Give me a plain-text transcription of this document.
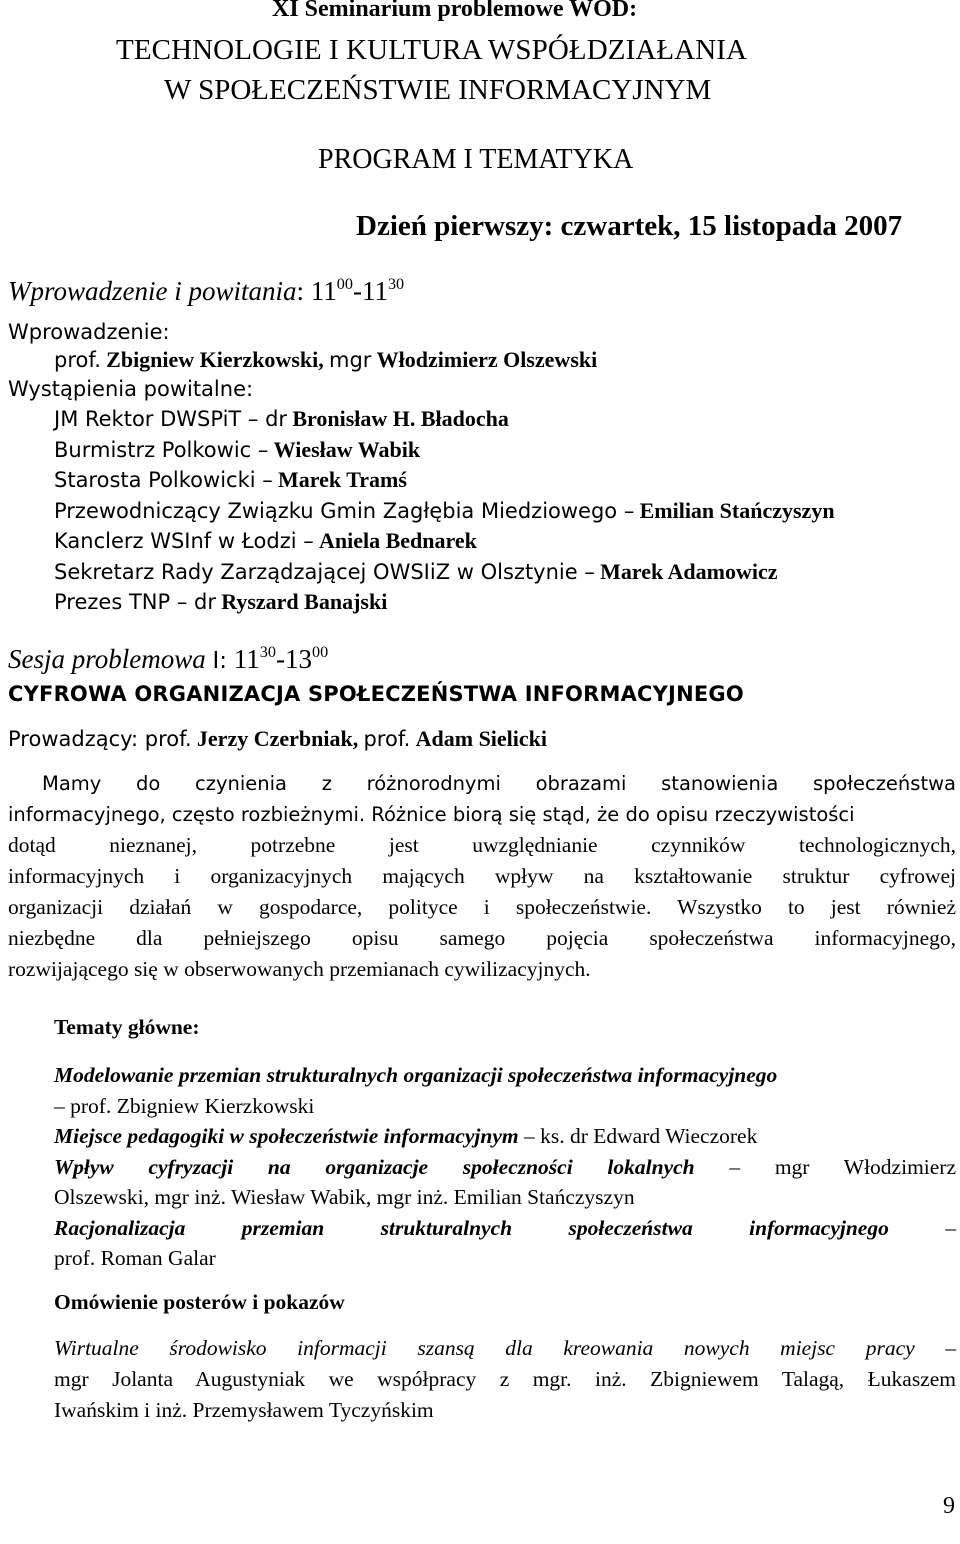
XI Seminarium problemowe WOD:
TECHNOLOGIE I KULTURA WSPÓŁDZIAŁANIA
W SPOŁECZEŃSTWIE INFORMACYJNYM
PROGRAM I TEMATYKA
Dzień pierwszy: czwartek, 15 listopada 2007
Wprowadzenie i powitania: $11^{00}-11^{30}$
Wprowadzenie:
prof. Zbigniew Kierzkowski, mgr Włodzimierz Olszewski
Wystąpienia powitalne:
JM Rektor DWSPiT – dr Bronisław H. Bładocha
Burmistrz Polkowic – Wiesław Wabik
Starosta Polkowicki – Marek Tramś
Przewodniczący Związku Gmin Zagłębia Miedziowego – Emilian Stańczyszyn
Kanclerz WSInf w Łodzi – Aniela Bednarek
Sekretarz Rady Zarządzającej OWSIiZ w Olsztynie – Marek Adamowicz
Prezes TNP – dr Ryszard Banajski
Sesja problemowa I: $11^{30}-13^{00}$
CYFROWA ORGANIZACJA SPOŁECZEŃSTWA INFORMACYJNEGO
Prowadzący: prof. Jerzy Czerbniak, prof. Adam Sielicki
Mamy do czynienia z różnorodnymi obrazami stanowienia społeczeństwa
informacyjnego, często rozbieżnymi. Różnice biorą się stąd, że do opisu rzeczywistości
dotąd nieznanej, potrzebne jest uwzględnianie czynników technologicznych,
informacyjnych i organizacyjnych mających wpływ na kształtowanie struktur cyfrowej
organizacji działań w gospodarce, polityce i społeczeństwie. Wszystko to jest również
niezbędne dla pełniejszego opisu samego pojęcia społeczeństwa informacyjnego,
rozwijającego się w obserwowanych przemianach cywilizacyjnych.
Tematy główne:
Modelowanie przemian strukturalnych organizacji społeczeństwa informacyjnego
– prof. Zbigniew Kierzkowski
Miejsce pedagogiki w społeczeństwie informacyjnym – ks. dr Edward Wieczorek
Wpływ cyfryzacji na organizacje społeczności lokalnych – mgr Włodzimierz
Olszewski, mgr inż. Wiesław Wabik, mgr inż. Emilian Stańczyszyn
Racjonalizacja przemian strukturalnych społeczeństwa informacyjnego	–
prof. Roman Galar
Omówienie posterów i pokazów
Wirtualne środowisko informacji szansą dla kreowania nowych miejsc pracy –
mgr Jolanta Augustyniak we współpracy z mgr. inż. Zbigniewem Talagą, Łukaszem
Iwańskim i inż. Przemysławem Tyczyńskim
9
